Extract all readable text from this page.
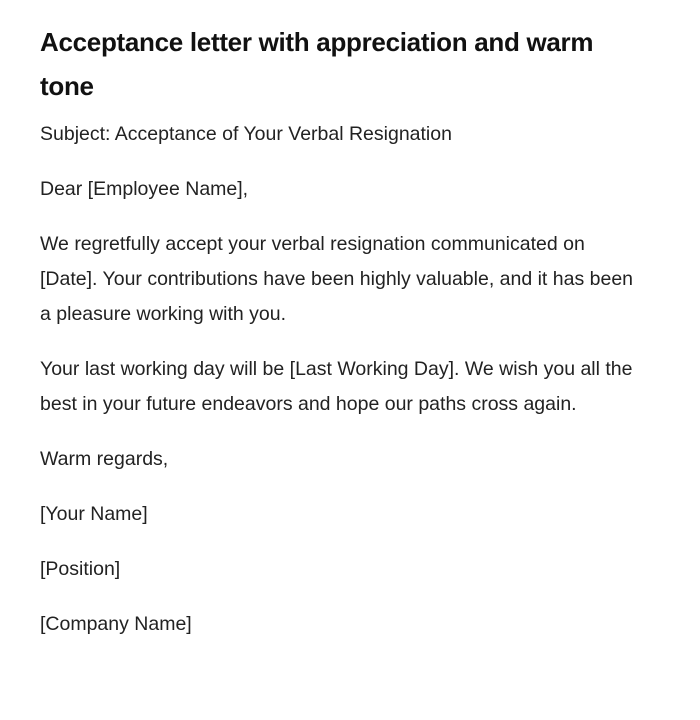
Acceptance letter with appreciation and warm tone

Subject: Acceptance of Your Verbal Resignation

Dear [Employee Name],

We regretfully accept your verbal resignation communicated on [Date]. Your contributions have been highly valuable, and it has been a pleasure working with you.

Your last working day will be [Last Working Day]. We wish you all the best in your future endeavors and hope our paths cross again.

Warm regards,

[Your Name]

[Position]

[Company Name]
